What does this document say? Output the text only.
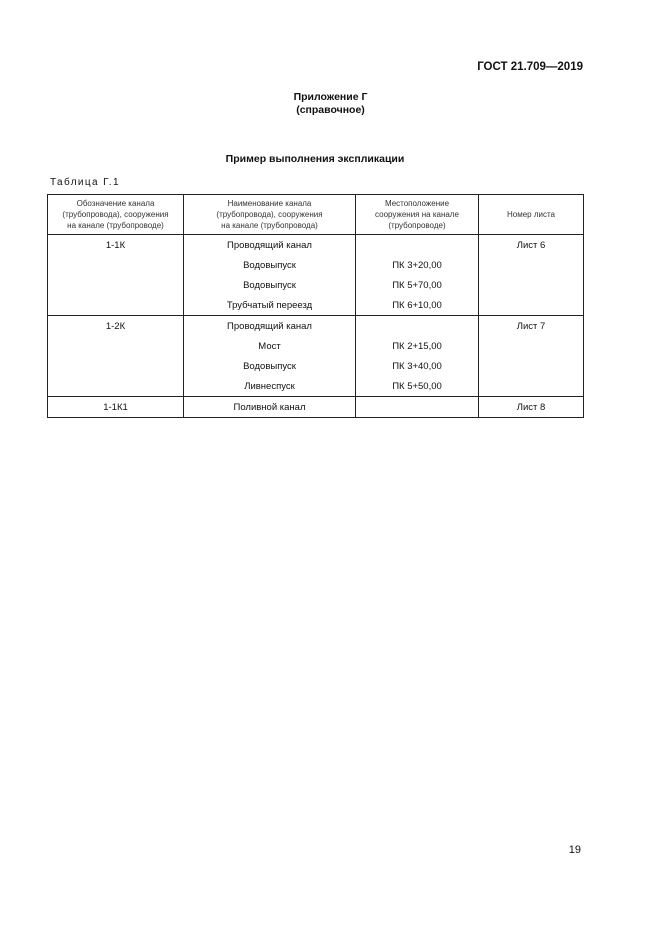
ГОСТ 21.709—2019
Приложение Г
(справочное)
Пример выполнения экспликации
Таблица Г.1
Обозначение канала
(трубопровода), сооружения
на канале (трубопроводе)	Наименование канала
(трубопровода), сооружения
на канале (трубопровода)	Местоположение
сооружения на канале
(трубопроводе)	Номер листа
1-1К	Проводящий канал		Лист 6
	Водовыпуск	ПК 3+20,00	
	Водовыпуск	ПК 5+70,00	
	Трубчатый переезд	ПК 6+10,00	
1-2К	Проводящий канал		Лист 7
	Мост	ПК 2+15,00	
	Водовыпуск	ПК 3+40,00	
	Ливнеспуск	ПК 5+50,00	
1-1К1	Поливной канал		Лист 8
19
